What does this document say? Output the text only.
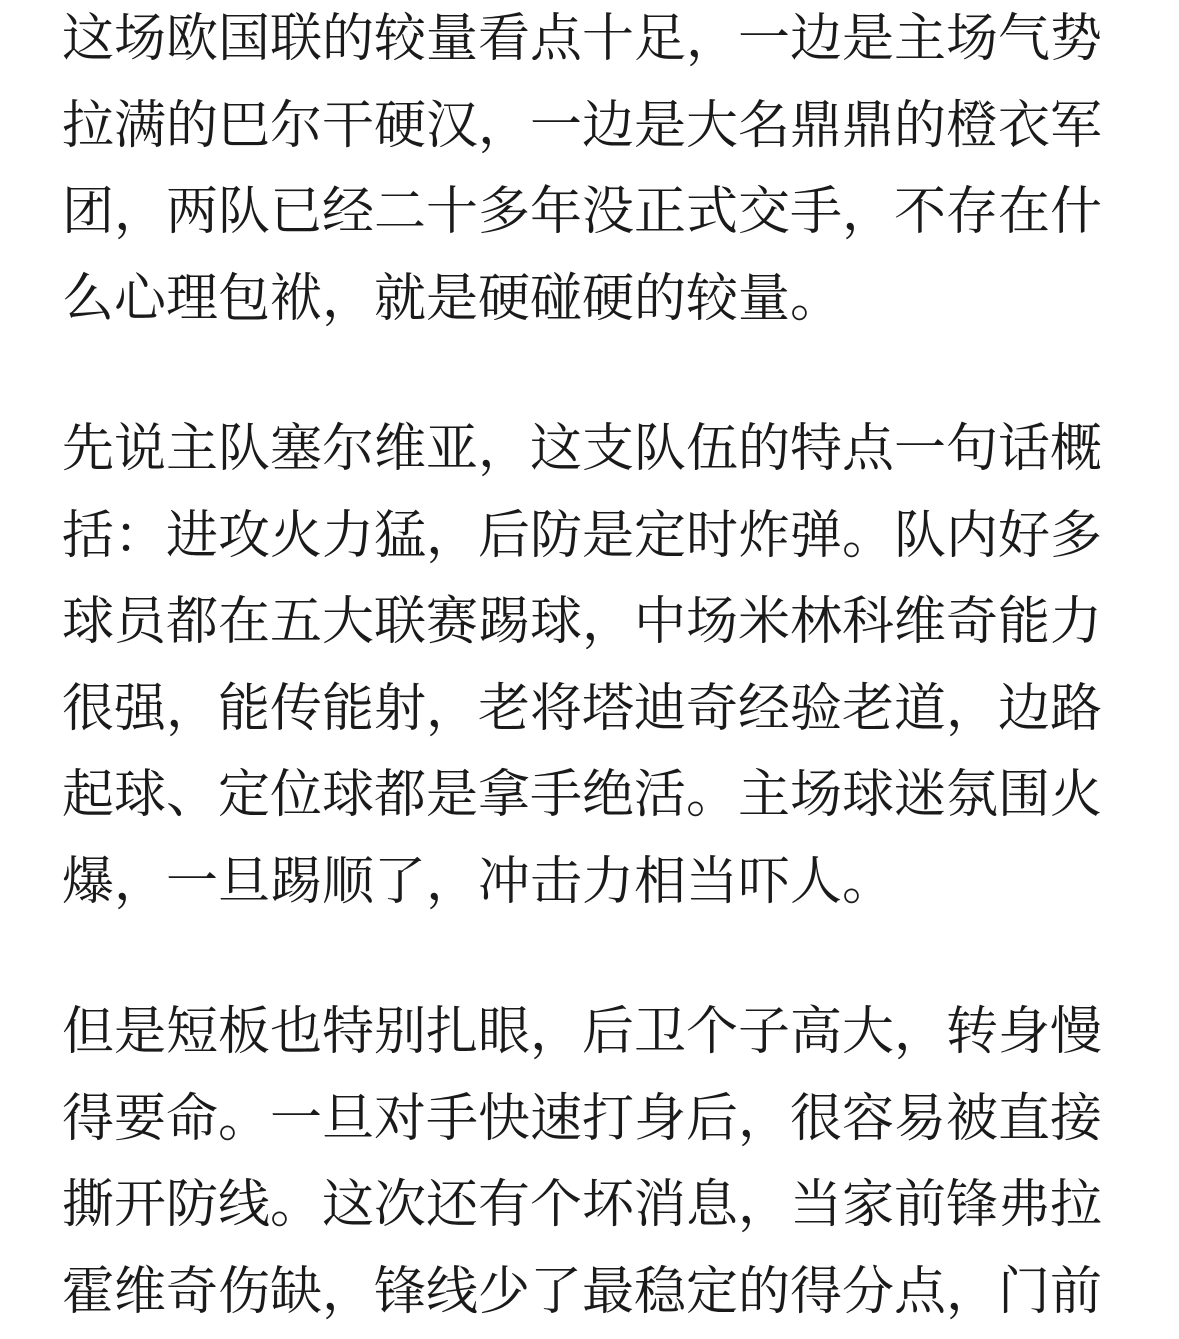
这场欧国联的较量看点十足，一边是主场气势
拉满的巴尔干硬汉，一边是大名鼎鼎的橙衣军
团，两队已经二十多年没正式交手，不存在什
么心理包袱，就是硬碰硬的较量。

先说主队塞尔维亚，这支队伍的特点一句话概
括：进攻火力猛，后防是定时炸弹。队内好多
球员都在五大联赛踢球，中场米林科维奇能力
很强，能传能射，老将塔迪奇经验老道，边路
起球、定位球都是拿手绝活。主场球迷氛围火
爆，一旦踢顺了，冲击力相当吓人。

但是短板也特别扎眼，后卫个子高大，转身慢
得要命。一旦对手快速打身后，很容易被直接
撕开防线。这次还有个坏消息，当家前锋弗拉
霍维奇伤缺，锋线少了最稳定的得分点，门前
